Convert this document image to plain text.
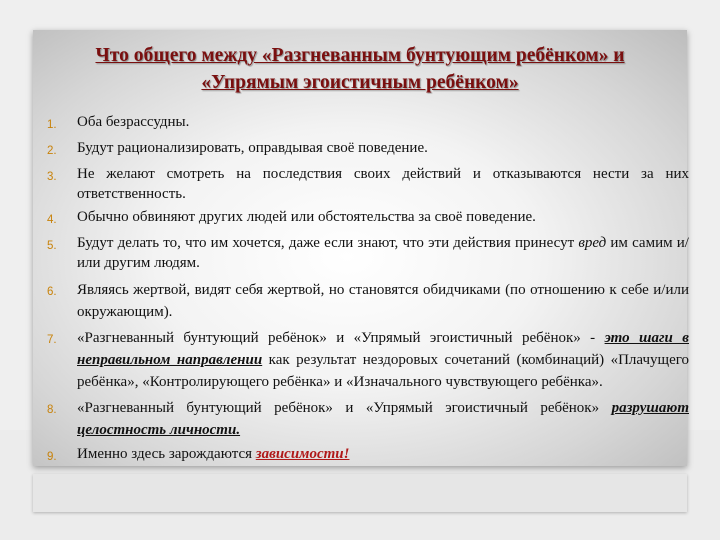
Что общего между «Разгневанным бунтующим ребёнком» и
«Упрямым эгоистичным ребёнком»
1.	Оба безрассудны.
2.	Будут рационализировать, оправдывая своё поведение.
3.	Не желают смотреть на последствия своих действий и отказываются нести за них ответственность.
4.	Обычно обвиняют других людей или обстоятельства за своё поведение.
5.	Будут делать то, что им хочется, даже если знают, что эти действия принесут вред им самим и/или другим людям.
6.	Являясь жертвой, видят себя жертвой, но становятся обидчиками (по отношению к себе и/или окружающим).
7.	«Разгневанный бунтующий ребёнок» и «Упрямый эгоистичный ребёнок» - это шаги в неправильном направлении как результат нездоровых сочетаний (комбинаций) «Плачущего ребёнка», «Контролирующего ребёнка» и «Изначального чувствующего ребёнка».
8.	«Разгневанный бунтующий ребёнок» и «Упрямый эгоистичный ребёнок» разрушают целостность личности.
9.	Именно здесь зарождаются зависимости!
